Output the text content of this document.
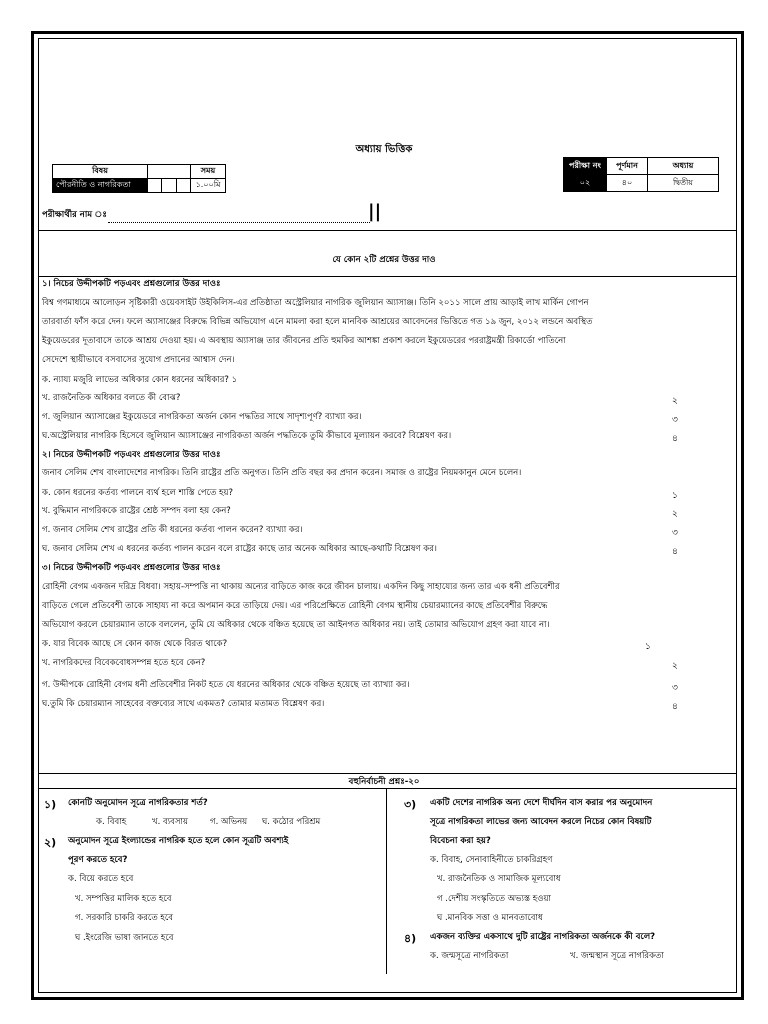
অধ্যায় ভিত্তিক
বিষয়				সময়
পৌরনীতি ও নাগরিকতা				১.০০মি
পরীক্ষা নং	পূর্ণমান	অধ্যায়
০২	৪০	দ্বিতীয়
পরীক্ষার্থীর নাম ঃ	||
যে কোন ২টি প্রশ্নের উত্তর দাও
১। নিচের উদ্দীপকটি পড়এবং প্রশ্নগুলোর উত্তর দাওঃ
বিশ্ব গণমাধ্যমে আলোড়ন সৃষ্টিকারী ওয়েবসাইট উইকিলিস-এর প্রতিষ্ঠাতা অস্ট্রেলিয়ার নাগরিক জুলিয়ান অ্যাসাঞ্জ। তিনি ২০১১ সালে প্রায় আড়াই লাখ মার্কিন গোপন
তারবার্তা ফাঁস করে দেন। ফলে অ্যাসাঞ্জের বিরুদ্ধে বিভিন্ন অভিযোগ এনে মামলা করা হলে মানবিক আশ্রয়ের আবেদনের ভিত্তিতে গত ১৯ জুন, ২০১২ লন্ডনে অবস্থিত
ইকুয়েডরের দূতাবাসে তাকে আশ্রয় দেওয়া হয়। এ অবস্থায় অ্যাসাঞ্জ তার জীবনের প্রতি হুমকির আশঙ্কা প্রকাশ করলে ইকুয়েডরের পররাষ্ট্রমন্ত্রী রিকার্ডো পাতিনো
সেদেশে স্থায়ীভাবে বসবাসের সুযোগ প্রদানের আশ্বাস দেন।
ক. ন্যায্য মজুরি লাভের অধিকার কোন ধরনের অধিকার? ১
খ. রাজনৈতিক অধিকার বলতে কী বোঝ?	২
গ. জুলিয়ান অ্যাসাঞ্জের ইকুয়েডরে নাগরিকতা অর্জন কোন পদ্ধতির সাথে সাদৃশ্যপূর্ণ? ব্যাখ্যা কর।	৩
ঘ.অস্ট্রেলিয়ার নাগরিক হিসেবে জুলিয়ান অ্যাসাঞ্জের নাগরিকতা অর্জন পদ্ধতিকে তুমি কীভাবে মূল্যায়ন করবে? বিশ্লেষণ কর।	৪
২। নিচের উদ্দীপকটি পড়এবং প্রশ্নগুলোর উত্তর দাওঃ
জনাব সেলিম শেখ বাংলাদেশের নাগরিক। তিনি রাষ্ট্রের প্রতি অনুগত। তিনি প্রতি বছর কর প্রদান করেন। সমাজ ও রাষ্ট্রের নিয়মকানুন মেনে চলেন।
ক. কোন ধরনের কর্তব্য পালনে ব্যর্থ হলে শাস্তি পেতে হয়?	১
খ. বুদ্ধিমান নাগরিককে রাষ্ট্রের শ্রেষ্ঠ সম্পদ বলা হয় কেন?	২
গ. জনাব সেলিম শেখ রাষ্ট্রের প্রতি কী ধরনের কর্তব্য পালন করেন? ব্যাখ্যা কর।	৩
ঘ. জনাব সেলিম শেখ এ ধরনের কর্তব্য পালন করেন বলে রাষ্ট্রের কাছে তার অনেক অধিকার আছে-কথাটি বিশ্লেষণ কর।	৪
৩। নিচের উদ্দীপকটি পড়এবং প্রশ্নগুলোর উত্তর দাওঃ
রোহিনী বেগম একজন দরিদ্র বিধবা। সহায়-সম্পত্তি না থাকায় অন্যের বাড়িতে কাজ করে জীবন চালায়। একদিন কিছু সাহায্যের জন্য তার এক ধনী প্রতিবেশীর
বাড়িতে গেলে প্রতিবেশী তাকে সাহায্য না করে অপমান করে তাড়িয়ে দেয়। এর পরিপ্রেক্ষিতে রোহিনী বেগম স্থানীয় চেয়ারম্যানের কাছে প্রতিবেশীর বিরুদ্ধে
অভিযোগ করলে চেয়ারম্যান তাকে বললেন, তুমি যে অধিকার থেকে বঞ্চিত হয়েছে তা আইনগত অধিকার নয়। তাই তোমার অভিযোগ গ্রহণ করা যাবে না।
ক. যার বিবেক আছে সে কোন কাজ থেকে বিরত থাকে?	১
খ. নাগরিকদের বিবেকবোধসম্পন্ন হতে হবে কেন?	২
গ. উদ্দীপকে রোহিনী বেগম ধনী প্রতিবেশীর নিকট হতে যে ধরনের অধিকার থেকে বঞ্চিত হয়েছে তা ব্যাখ্যা কর।	৩
ঘ.তুমি কি চেয়ারম্যান সাহেবের বক্তব্যের সাথে একমত? তোমার মতামত বিশ্লেষণ কর।	৪
বহুনির্বাচনী প্রশ্নঃ-২০
১) কোনটি অনুমোদন সূত্রে নাগরিকতার শর্ত?
ক. বিবাহ	খ. ব্যবসায়	গ. অভিনয় ঘ. কঠোর পরিশ্রম
২) অনুমোদন সূত্রে ইংল্যান্ডের নাগরিক হতে হলে কোন সূত্রটি অবশ্যই
পূরণ করতে হবে?
ক. বিয়ে করতে হবে
খ. সম্পত্তির মালিক হতে হবে
গ. সরকারি চাকরি করতে হবে
ঘ .ইংরেজি ভাষা জানতে হবে
৩) একটি দেশের নাগরিক অন্য দেশে দীর্ঘদিন বাস করার পর অনুমোদন
সূত্রে নাগরিকতা লাভের জন্য আবেদন করলে নিচের কোন বিষয়টি
বিবেচনা করা হয়?
ক. বিবাহ, সেনাবাহিনীতে চাকরিগ্রহণ
খ. রাজনৈতিক ও সামাজিক মূল্যবোধ
গ .দেশীয় সংস্কৃতিতে অভ্যস্ত হওয়া
ঘ .মানবিক সত্তা ও মানবতাবোধ
৪) একজন ব্যক্তির একসাথে দুটি রাষ্ট্রের নাগরিকতা অর্জনকে কী বলে?
ক. জন্মসূত্রে নাগরিকতা	খ. জন্মস্থান সূত্রে নাগরিকতা
